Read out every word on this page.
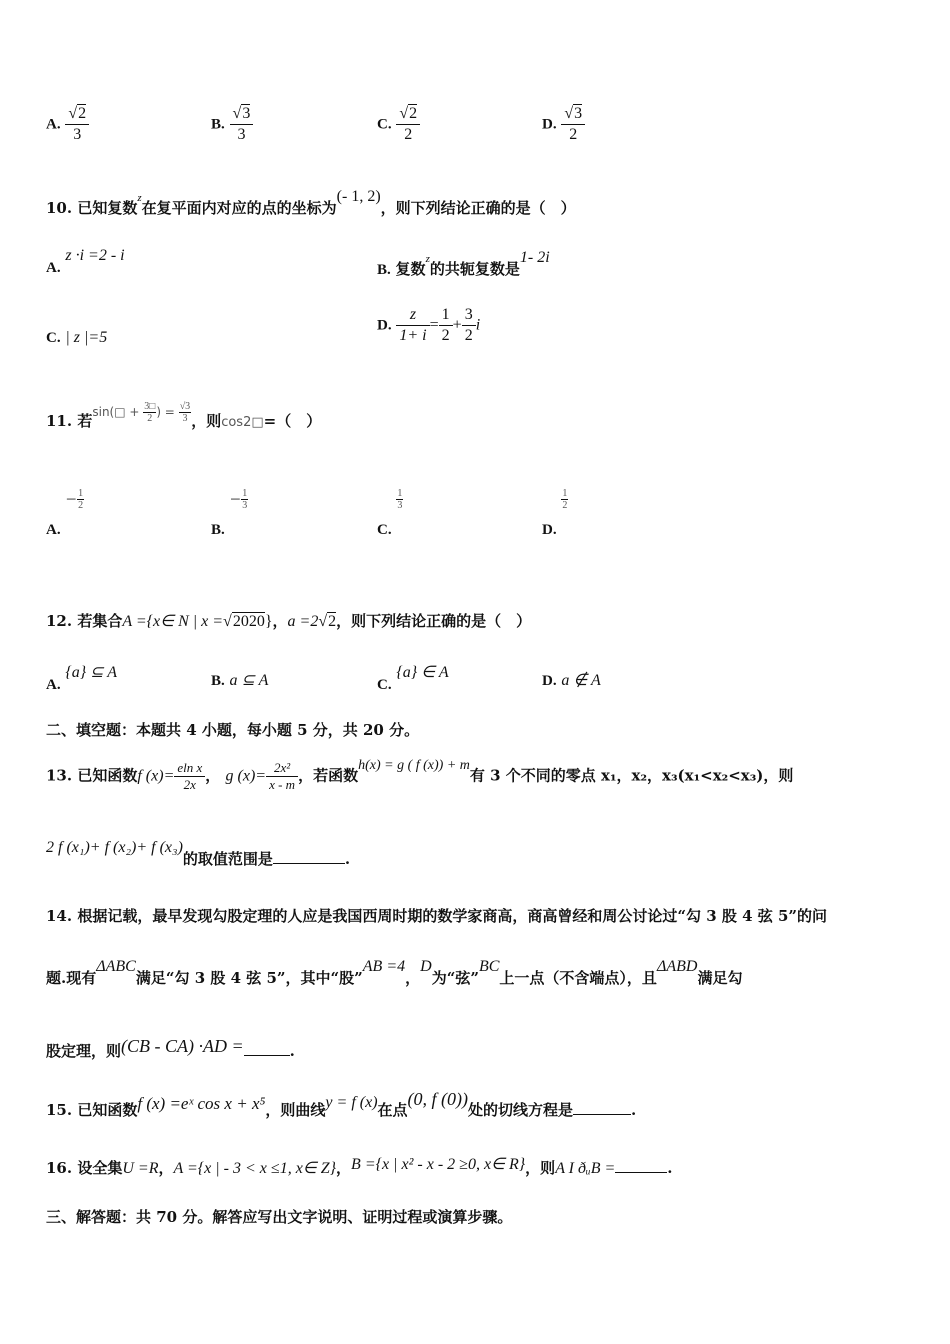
A. $\frac{√2}{3}$	B. $\frac{√3}{3}$	C. $\frac{√2}{2}$	D. $\frac{√3}{2}$
10. 已知复数$^z$在复平面内对应的点的坐标为(- 1, 2)，则下列结论正确的是（　）
A. z ·i =2 - i
B. 复数z的共轭复数是1- 2i
C. | z |=5
D. $\frac{z}{1+ i} = \frac{1}{2} + \frac{3}{2}$ i
11. 若$^{sin(□ + \frac{3□}{2} ) = \frac{√3}{3}}$ ，则cos2□=（　）
A. − $\frac{1}{2}$
B. − $\frac{1}{3}$
C.
$\frac{1}{3}$
D.
$\frac{1}{2}$
12. 若集合A ={x∈ N | x =√2020}，a =2√2，则下列结论正确的是（　）
A. {a} ⊆ A	B. a ⊆ A	C. {a} ∈ A	D. a ∉ A
二、填空题：本题共 4 小题，每小题 5 分，共 20 分。
13. 已知函数f $(x)= \frac{\text{eln x}}{2x}$ ， g $(x)= \frac{\text{2x²}}{x - m}$ ，若函数h(x) = g ( f (x)) + m有 3 个不同的零点 x₁，x₂，x₃(x₁<x₂<x₃)，则
2 f (x₁)+ f (x₂)+ f (x₃)的取值范围是	.
14. 根据记载，最早发现勾股定理的人应是我国西周时期的数学家商高，商高曾经和周公讨论过“勾 3 股 4 弦 5”的问
题.现有ΔABC满足“勾 3 股 4 弦 5”，其中“股”AB =4，D为“弦”BC上一点（不含端点），且ΔABD满足勾
股定理，则(CB - CA) ·AD =	.
15. 已知函数f (x) =eˣ cos x + x⁵，则曲线y = f (x)在点(0, f (0))处的切线方程是	.
16. 设全集U =R，A ={x | - 3 < x ≤1, x∈ Z}，B ={x | x² - x - 2 ≥0, x∈ R}，则A I ðᵤB =	.
三、解答题：共 70 分。解答应写出文字说明、证明过程或演算步骤。
